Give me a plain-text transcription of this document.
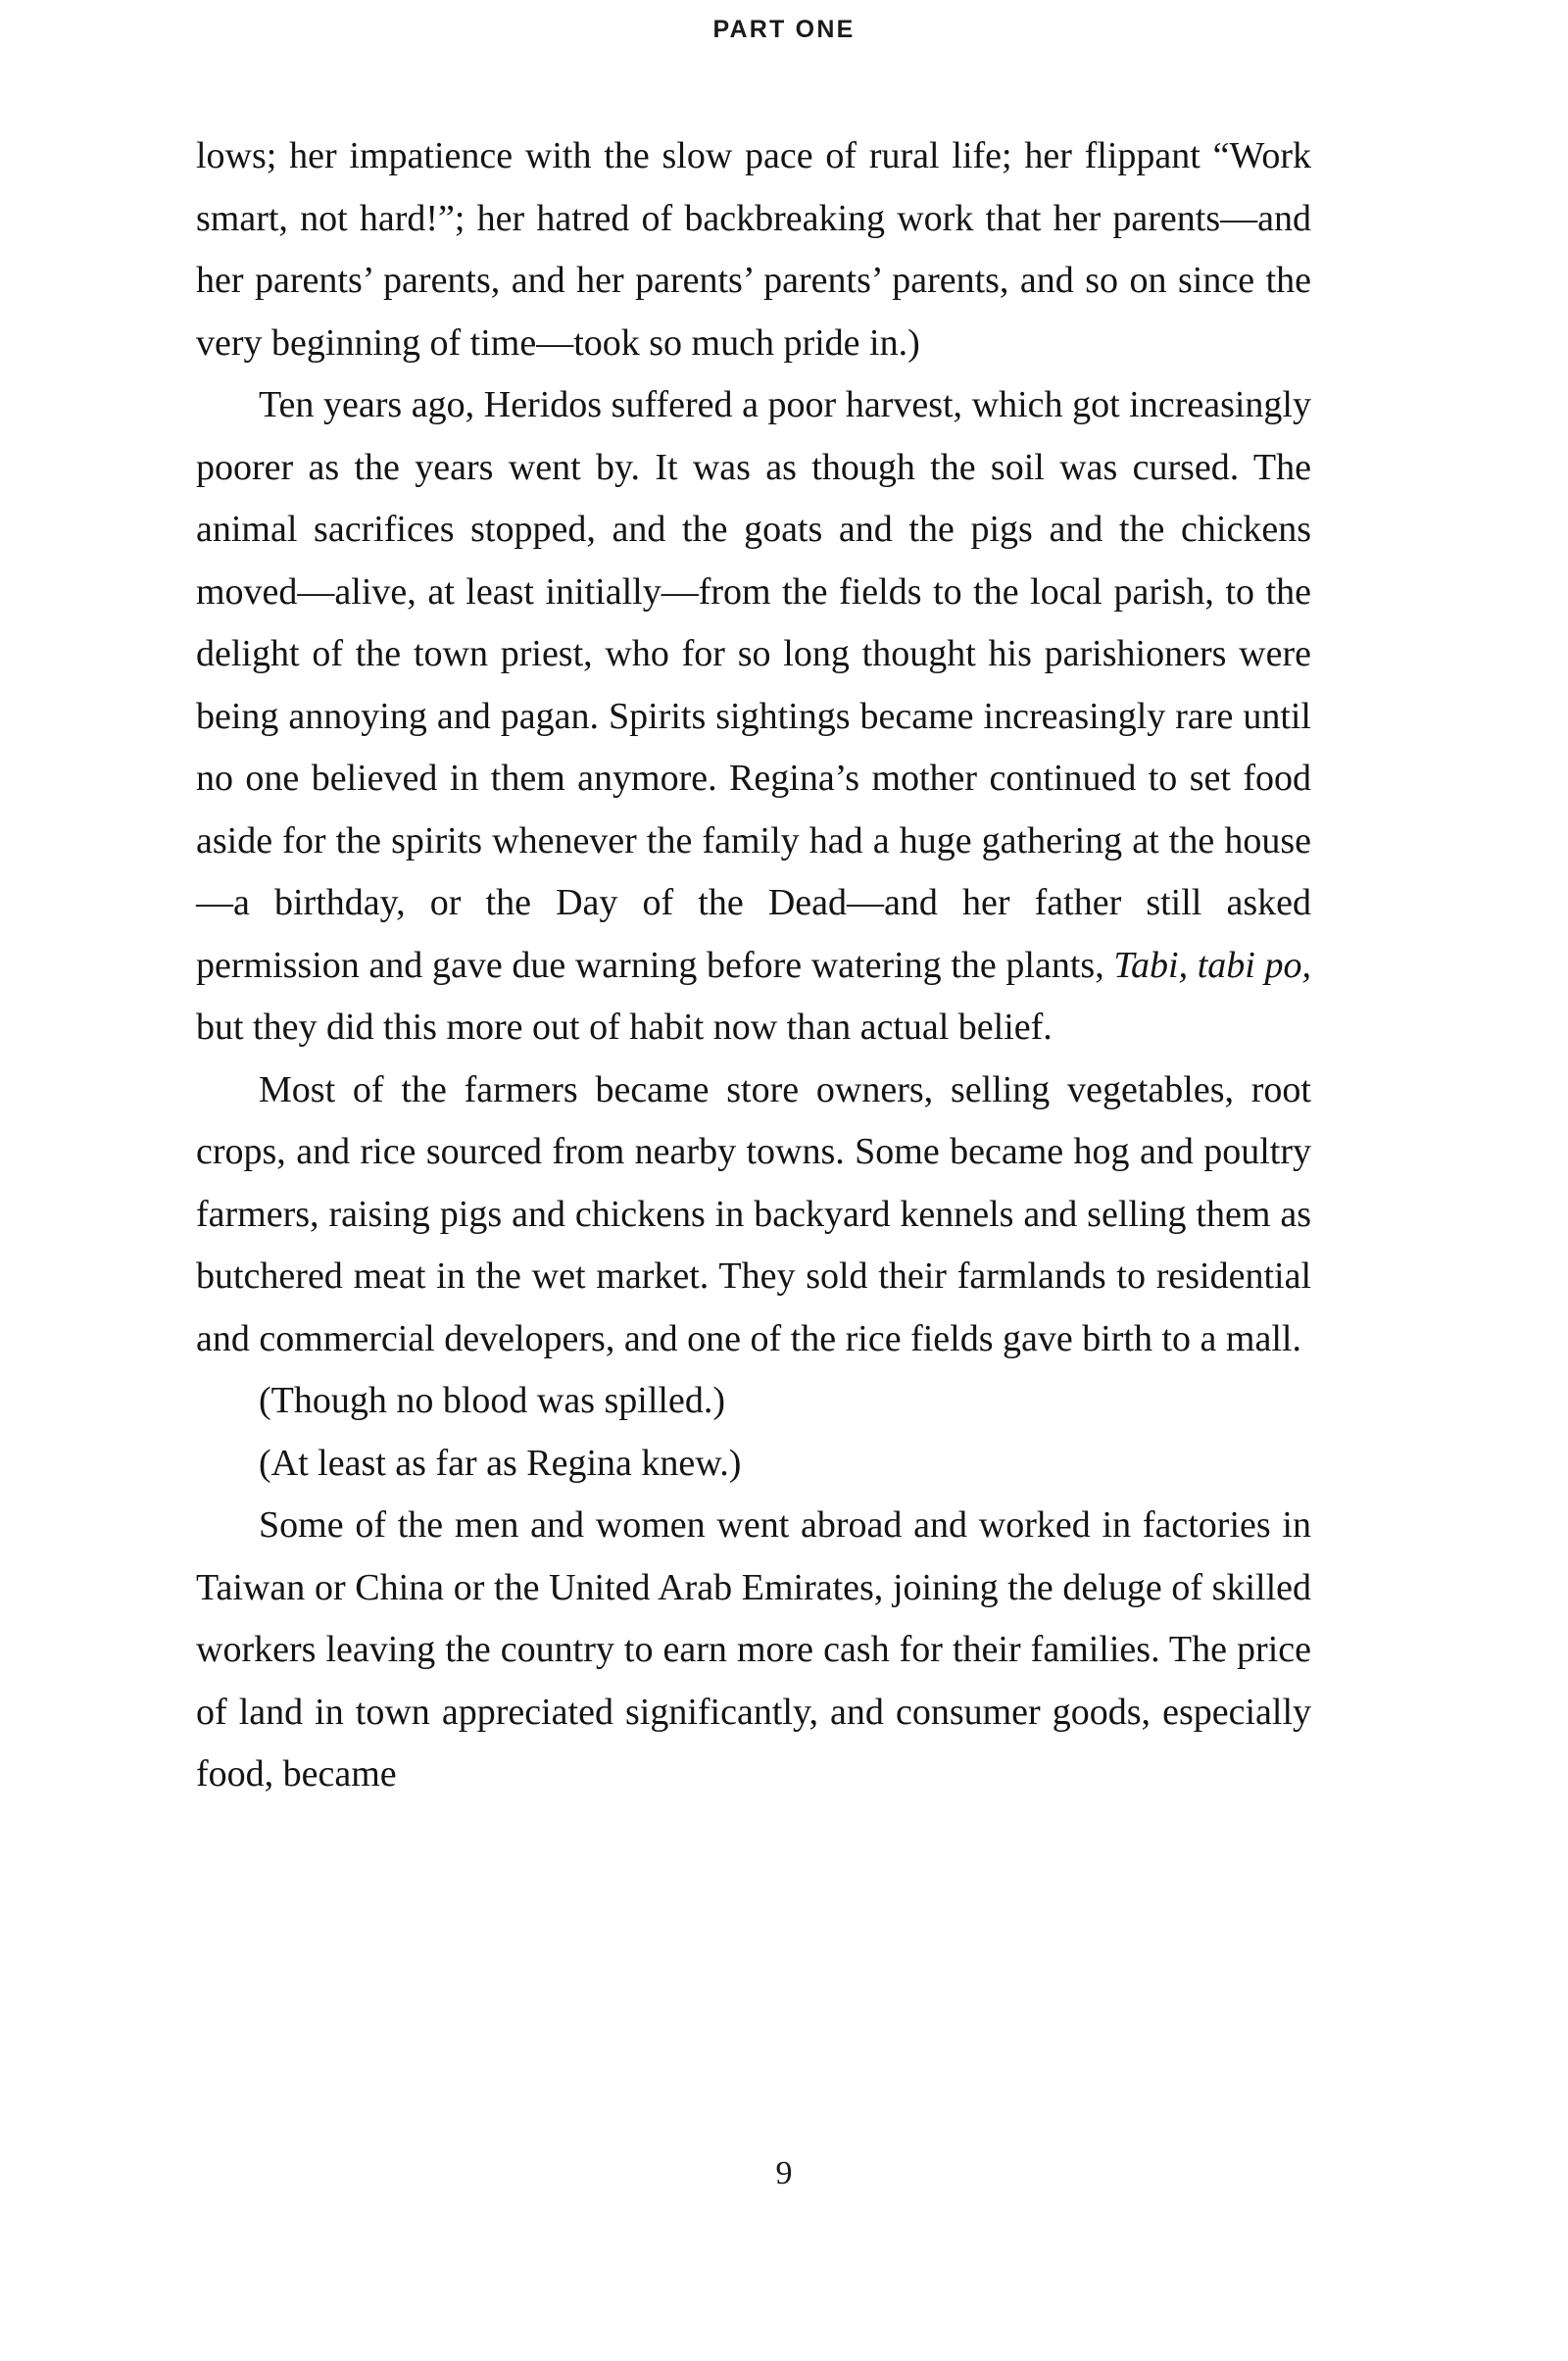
PART ONE

lows; her impatience with the slow pace of rural life; her flippant “Work smart, not hard!”; her hatred of backbreaking work that her parents—and her parents’ parents, and her parents’ parents’ parents, and so on since the very beginning of time—took so much pride in.)

Ten years ago, Heridos suffered a poor harvest, which got increasingly poorer as the years went by. It was as though the soil was cursed. The animal sacrifices stopped, and the goats and the pigs and the chickens moved—alive, at least initially—from the fields to the local parish, to the delight of the town priest, who for so long thought his parishioners were being annoying and pagan. Spirits sightings became increasingly rare until no one believed in them anymore. Regina’s mother continued to set food aside for the spirits whenever the family had a huge gathering at the house—a birthday, or the Day of the Dead—and her father still asked permission and gave due warning before watering the plants, Tabi, tabi po, but they did this more out of habit now than actual belief.

Most of the farmers became store owners, selling vegetables, root crops, and rice sourced from nearby towns. Some became hog and poultry farmers, raising pigs and chickens in backyard kennels and selling them as butchered meat in the wet market. They sold their farmlands to residential and commercial developers, and one of the rice fields gave birth to a mall.

(Though no blood was spilled.)

(At least as far as Regina knew.)

Some of the men and women went abroad and worked in factories in Taiwan or China or the United Arab Emirates, joining the deluge of skilled workers leaving the country to earn more cash for their families. The price of land in town appreciated significantly, and consumer goods, especially food, became

9
